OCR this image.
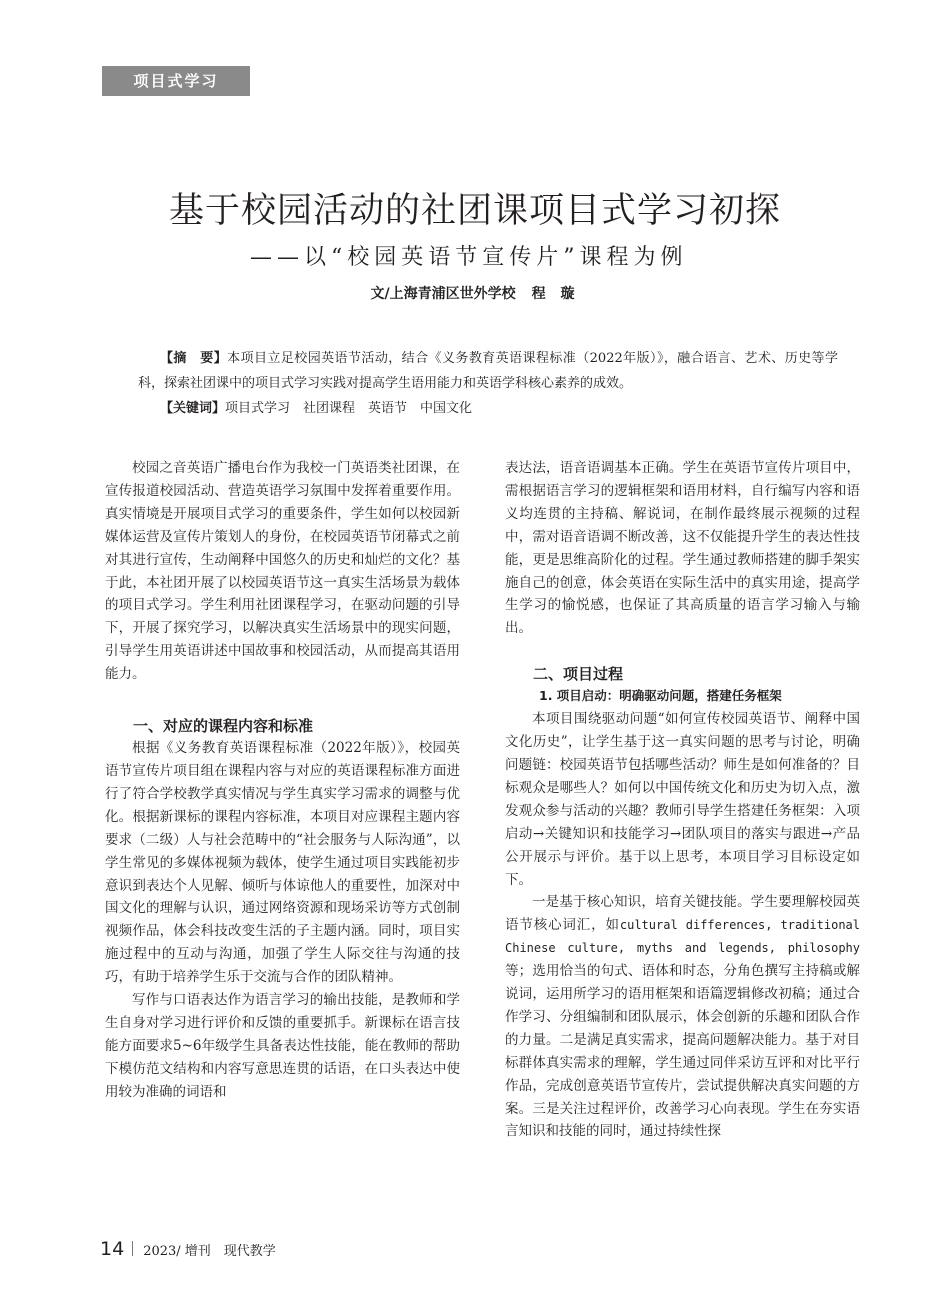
项目式学习
基于校园活动的社团课项目式学习初探
——以“校园英语节宣传片”课程为例
文/上海青浦区世外学校 程 璇

【摘　要】本项目立足校园英语节活动，结合《义务教育英语课程标准（2022年版）》，融合语言、艺术、历史等学科，探索社团课中的项目式学习实践对提高学生语用能力和英语学科核心素养的成效。

【关键词】项目式学习　社团课程　英语节　中国文化

校园之音英语广播电台作为我校一门英语类社团课，在宣传报道校园活动、营造英语学习氛围中发挥着重要作用。真实情境是开展项目式学习的重要条件，学生如何以校园新媒体运营及宣传片策划人的身份，在校园英语节闭幕式之前对其进行宣传，生动阐释中国悠久的历史和灿烂的文化？基于此，本社团开展了以校园英语节这一真实生活场景为载体的项目式学习。学生利用社团课程学习，在驱动问题的引导下，开展了探究学习，以解决真实生活场景中的现实问题，引导学生用英语讲述中国故事和校园活动，从而提高其语用能力。

一、对应的课程内容和标准

根据《义务教育英语课程标准（2022年版）》，校园英语节宣传片项目组在课程内容与对应的英语课程标准方面进行了符合学校教学真实情况与学生真实学习需求的调整与优化。根据新课标的课程内容标准，本项目对应课程主题内容要求（二级）人与社会范畴中的“社会服务与人际沟通”，以学生常见的多媒体视频为载体，使学生通过项目实践能初步意识到表达个人见解、倾听与体谅他人的重要性，加深对中国文化的理解与认识，通过网络资源和现场采访等方式创制视频作品，体会科技改变生活的子主题内涵。同时，项目实施过程中的互动与沟通，加强了学生人际交往与沟通的技巧，有助于培养学生乐于交流与合作的团队精神。

写作与口语表达作为语言学习的输出技能，是教师和学生自身对学习进行评价和反馈的重要抓手。新课标在语言技能方面要求5~6年级学生具备表达性技能，能在教师的帮助下模仿范文结构和内容写意思连贯的话语，在口头表达中使用较为准确的词语和

表达法，语音语调基本正确。学生在英语节宣传片项目中，需根据语言学习的逻辑框架和语用材料，自行编写内容和语义均连贯的主持稿、解说词，在制作最终展示视频的过程中，需对语音语调不断改善，这不仅能提升学生的表达性技能，更是思维高阶化的过程。学生通过教师搭建的脚手架实施自己的创意，体会英语在实际生活中的真实用途，提高学生学习的愉悦感，也保证了其高质量的语言学习输入与输出。

二、项目过程
1. 项目启动：明确驱动问题，搭建任务框架

本项目围绕驱动问题“如何宣传校园英语节、阐释中国文化历史”，让学生基于这一真实问题的思考与讨论，明确问题链：校园英语节包括哪些活动？师生是如何准备的？目标观众是哪些人？如何以中国传统文化和历史为切入点，激发观众参与活动的兴趣？教师引导学生搭建任务框架：入项启动→关键知识和技能学习→团队项目的落实与跟进→产品公开展示与评价。基于以上思考，本项目学习目标设定如下。

一是基于核心知识，培育关键技能。学生要理解校园英语节核心词汇，如cultural differences, traditional Chinese culture, myths and legends, philosophy等；选用恰当的句式、语体和时态，分角色撰写主持稿或解说词，运用所学习的语用框架和语篇逻辑修改初稿；通过合作学习、分组编制和团队展示，体会创新的乐趣和团队合作的力量。二是满足真实需求，提高问题解决能力。基于对目标群体真实需求的理解，学生通过同伴采访互评和对比平行作品，完成创意英语节宣传片，尝试提供解决真实问题的方案。三是关注过程评价，改善学习心向表现。学生在夯实语言知识和技能的同时，通过持续性探

14 2023/ 增刊　现代教学
